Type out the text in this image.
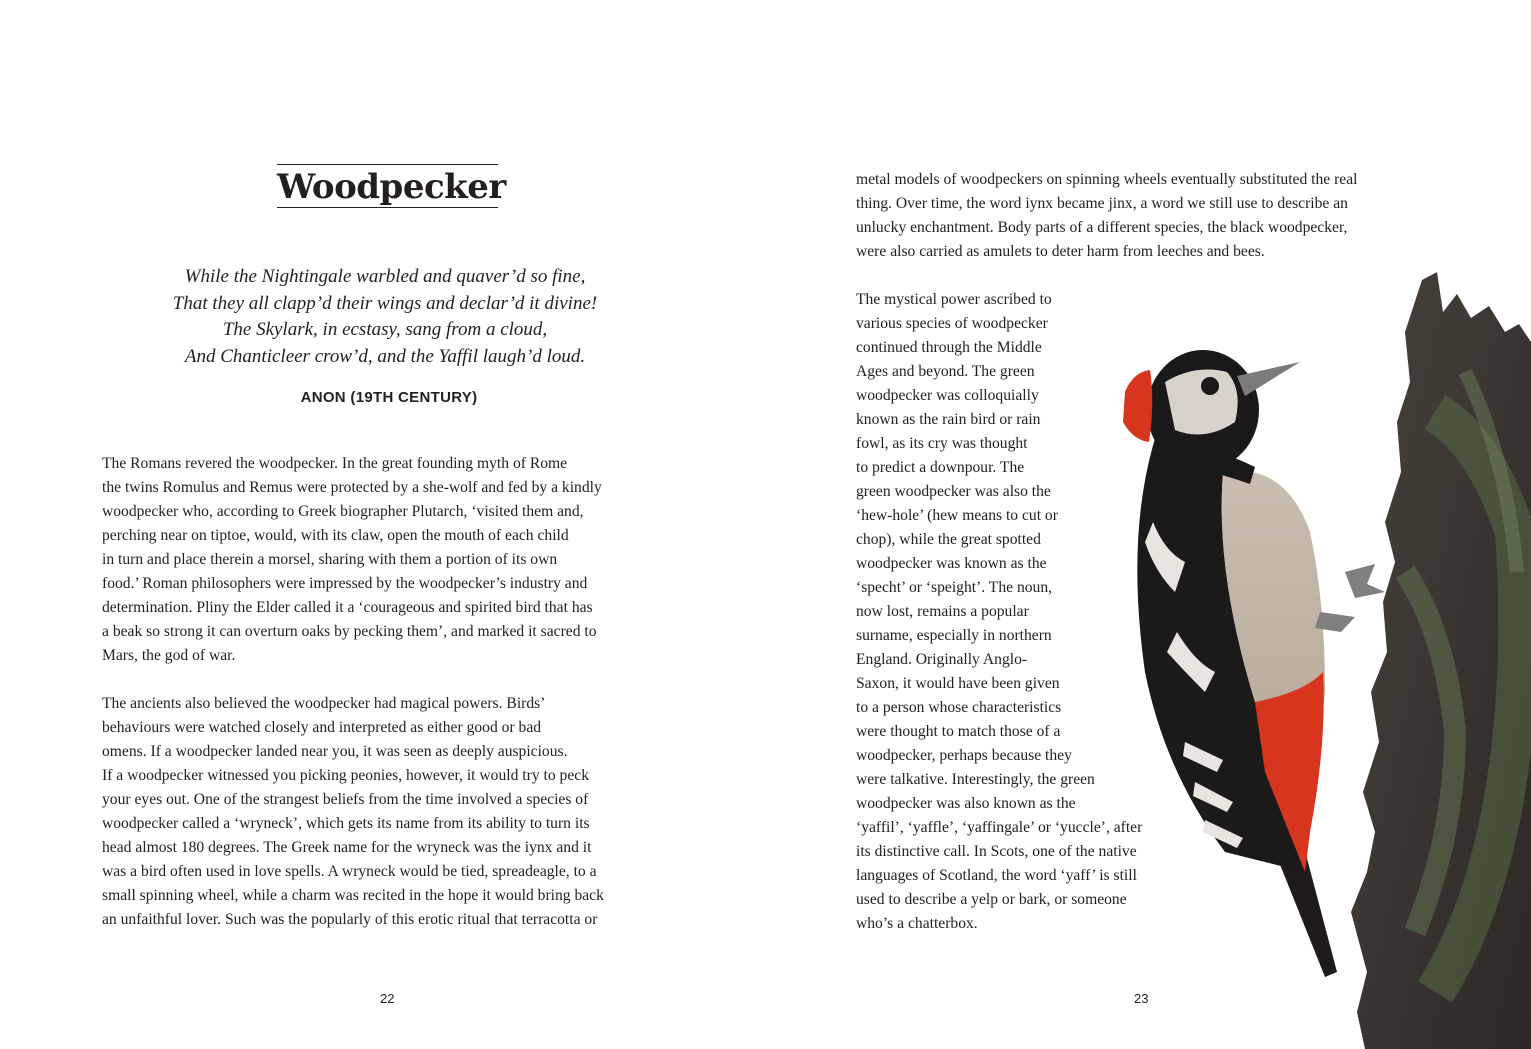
Woodpecker
While the Nightingale warbled and quaver’d so fine,
That they all clapp’d their wings and declar’d it divine!
The Skylark, in ecstasy, sang from a cloud,
And Chanticleer crow’d, and the Yaffil laugh’d loud.
ANON (19TH CENTURY)

The Romans revered the woodpecker. In the great founding myth of Rome
the twins Romulus and Remus were protected by a she-wolf and fed by a kindly
woodpecker who, according to Greek biographer Plutarch, ‘visited them and,
perching near on tiptoe, would, with its claw, open the mouth of each child
in turn and place therein a morsel, sharing with them a portion of its own
food.’ Roman philosophers were impressed by the woodpecker’s industry and
determination. Pliny the Elder called it a ‘courageous and spirited bird that has
a beak so strong it can overturn oaks by pecking them’, and marked it sacred to
Mars, the god of war.

The ancients also believed the woodpecker had magical powers. Birds’
behaviours were watched closely and interpreted as either good or bad
omens. If a woodpecker landed near you, it was seen as deeply auspicious.
If a woodpecker witnessed you picking peonies, however, it would try to peck
your eyes out. One of the strangest beliefs from the time involved a species of
woodpecker called a ‘wryneck’, which gets its name from its ability to turn its
head almost 180 degrees. The Greek name for the wryneck was the iynx and it
was a bird often used in love spells. A wryneck would be tied, spreadeagle, to a
small spinning wheel, while a charm was recited in the hope it would bring back
an unfaithful lover. Such was the popularly of this erotic ritual that terracotta or

22

metal models of woodpeckers on spinning wheels eventually substituted the real
thing. Over time, the word iynx became jinx, a word we still use to describe an
unlucky enchantment. Body parts of a different species, the black woodpecker,
were also carried as amulets to deter harm from leeches and bees.

The mystical power ascribed to
various species of woodpecker
continued through the Middle
Ages and beyond. The green
woodpecker was colloquially
known as the rain bird or rain
fowl, as its cry was thought
to predict a downpour. The
green woodpecker was also the
‘hew-hole’ (hew means to cut or
chop), while the great spotted
woodpecker was known as the
‘specht’ or ‘speight’. The noun,
now lost, remains a popular
surname, especially in northern
England. Originally Anglo-
Saxon, it would have been given
to a person whose characteristics
were thought to match those of a
woodpecker, perhaps because they
were talkative. Interestingly, the green
woodpecker was also known as the
‘yaffil’, ‘yaffle’, ‘yaffingale’ or ‘yuccle’, after
its distinctive call. In Scots, one of the native
languages of Scotland, the word ‘yaff’ is still
used to describe a yelp or bark, or someone
who’s a chatterbox.

23
